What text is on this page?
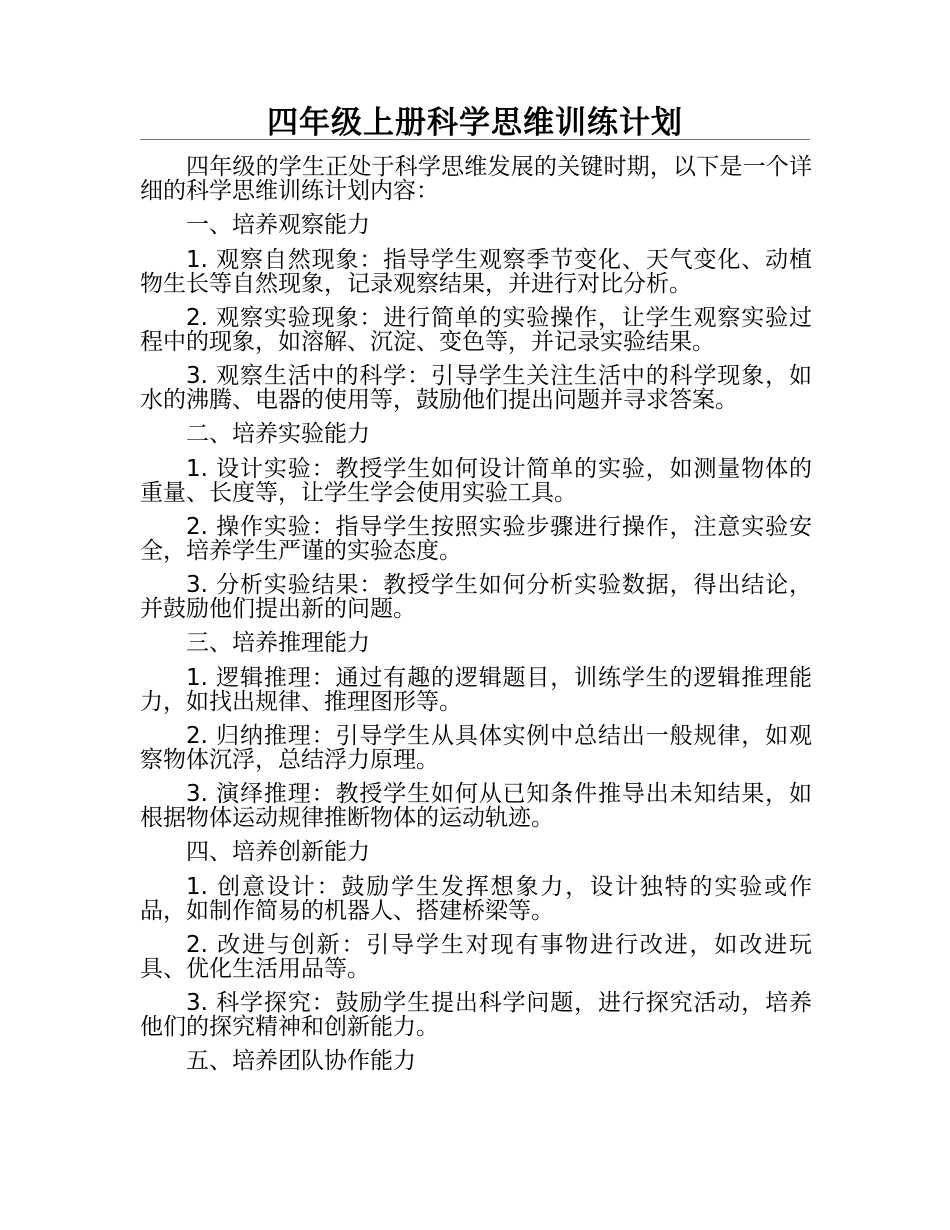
四年级上册科学思维训练计划

四年级的学生正处于科学思维发展的关键时期，以下是一个详细的科学思维训练计划内容：

一、培养观察能力

1. 观察自然现象：指导学生观察季节变化、天气变化、动植物生长等自然现象，记录观察结果，并进行对比分析。

2. 观察实验现象：进行简单的实验操作，让学生观察实验过程中的现象，如溶解、沉淀、变色等，并记录实验结果。

3. 观察生活中的科学：引导学生关注生活中的科学现象，如水的沸腾、电器的使用等，鼓励他们提出问题并寻求答案。

二、培养实验能力

1. 设计实验：教授学生如何设计简单的实验，如测量物体的重量、长度等，让学生学会使用实验工具。

2. 操作实验：指导学生按照实验步骤进行操作，注意实验安全，培养学生严谨的实验态度。

3. 分析实验结果：教授学生如何分析实验数据，得出结论，并鼓励他们提出新的问题。

三、培养推理能力

1. 逻辑推理：通过有趣的逻辑题目，训练学生的逻辑推理能力，如找出规律、推理图形等。

2. 归纳推理：引导学生从具体实例中总结出一般规律，如观察物体沉浮，总结浮力原理。

3. 演绎推理：教授学生如何从已知条件推导出未知结果，如根据物体运动规律推断物体的运动轨迹。

四、培养创新能力

1. 创意设计：鼓励学生发挥想象力，设计独特的实验或作品，如制作简易的机器人、搭建桥梁等。

2. 改进与创新：引导学生对现有事物进行改进，如改进玩具、优化生活用品等。

3. 科学探究：鼓励学生提出科学问题，进行探究活动，培养他们的探究精神和创新能力。

五、培养团队协作能力
